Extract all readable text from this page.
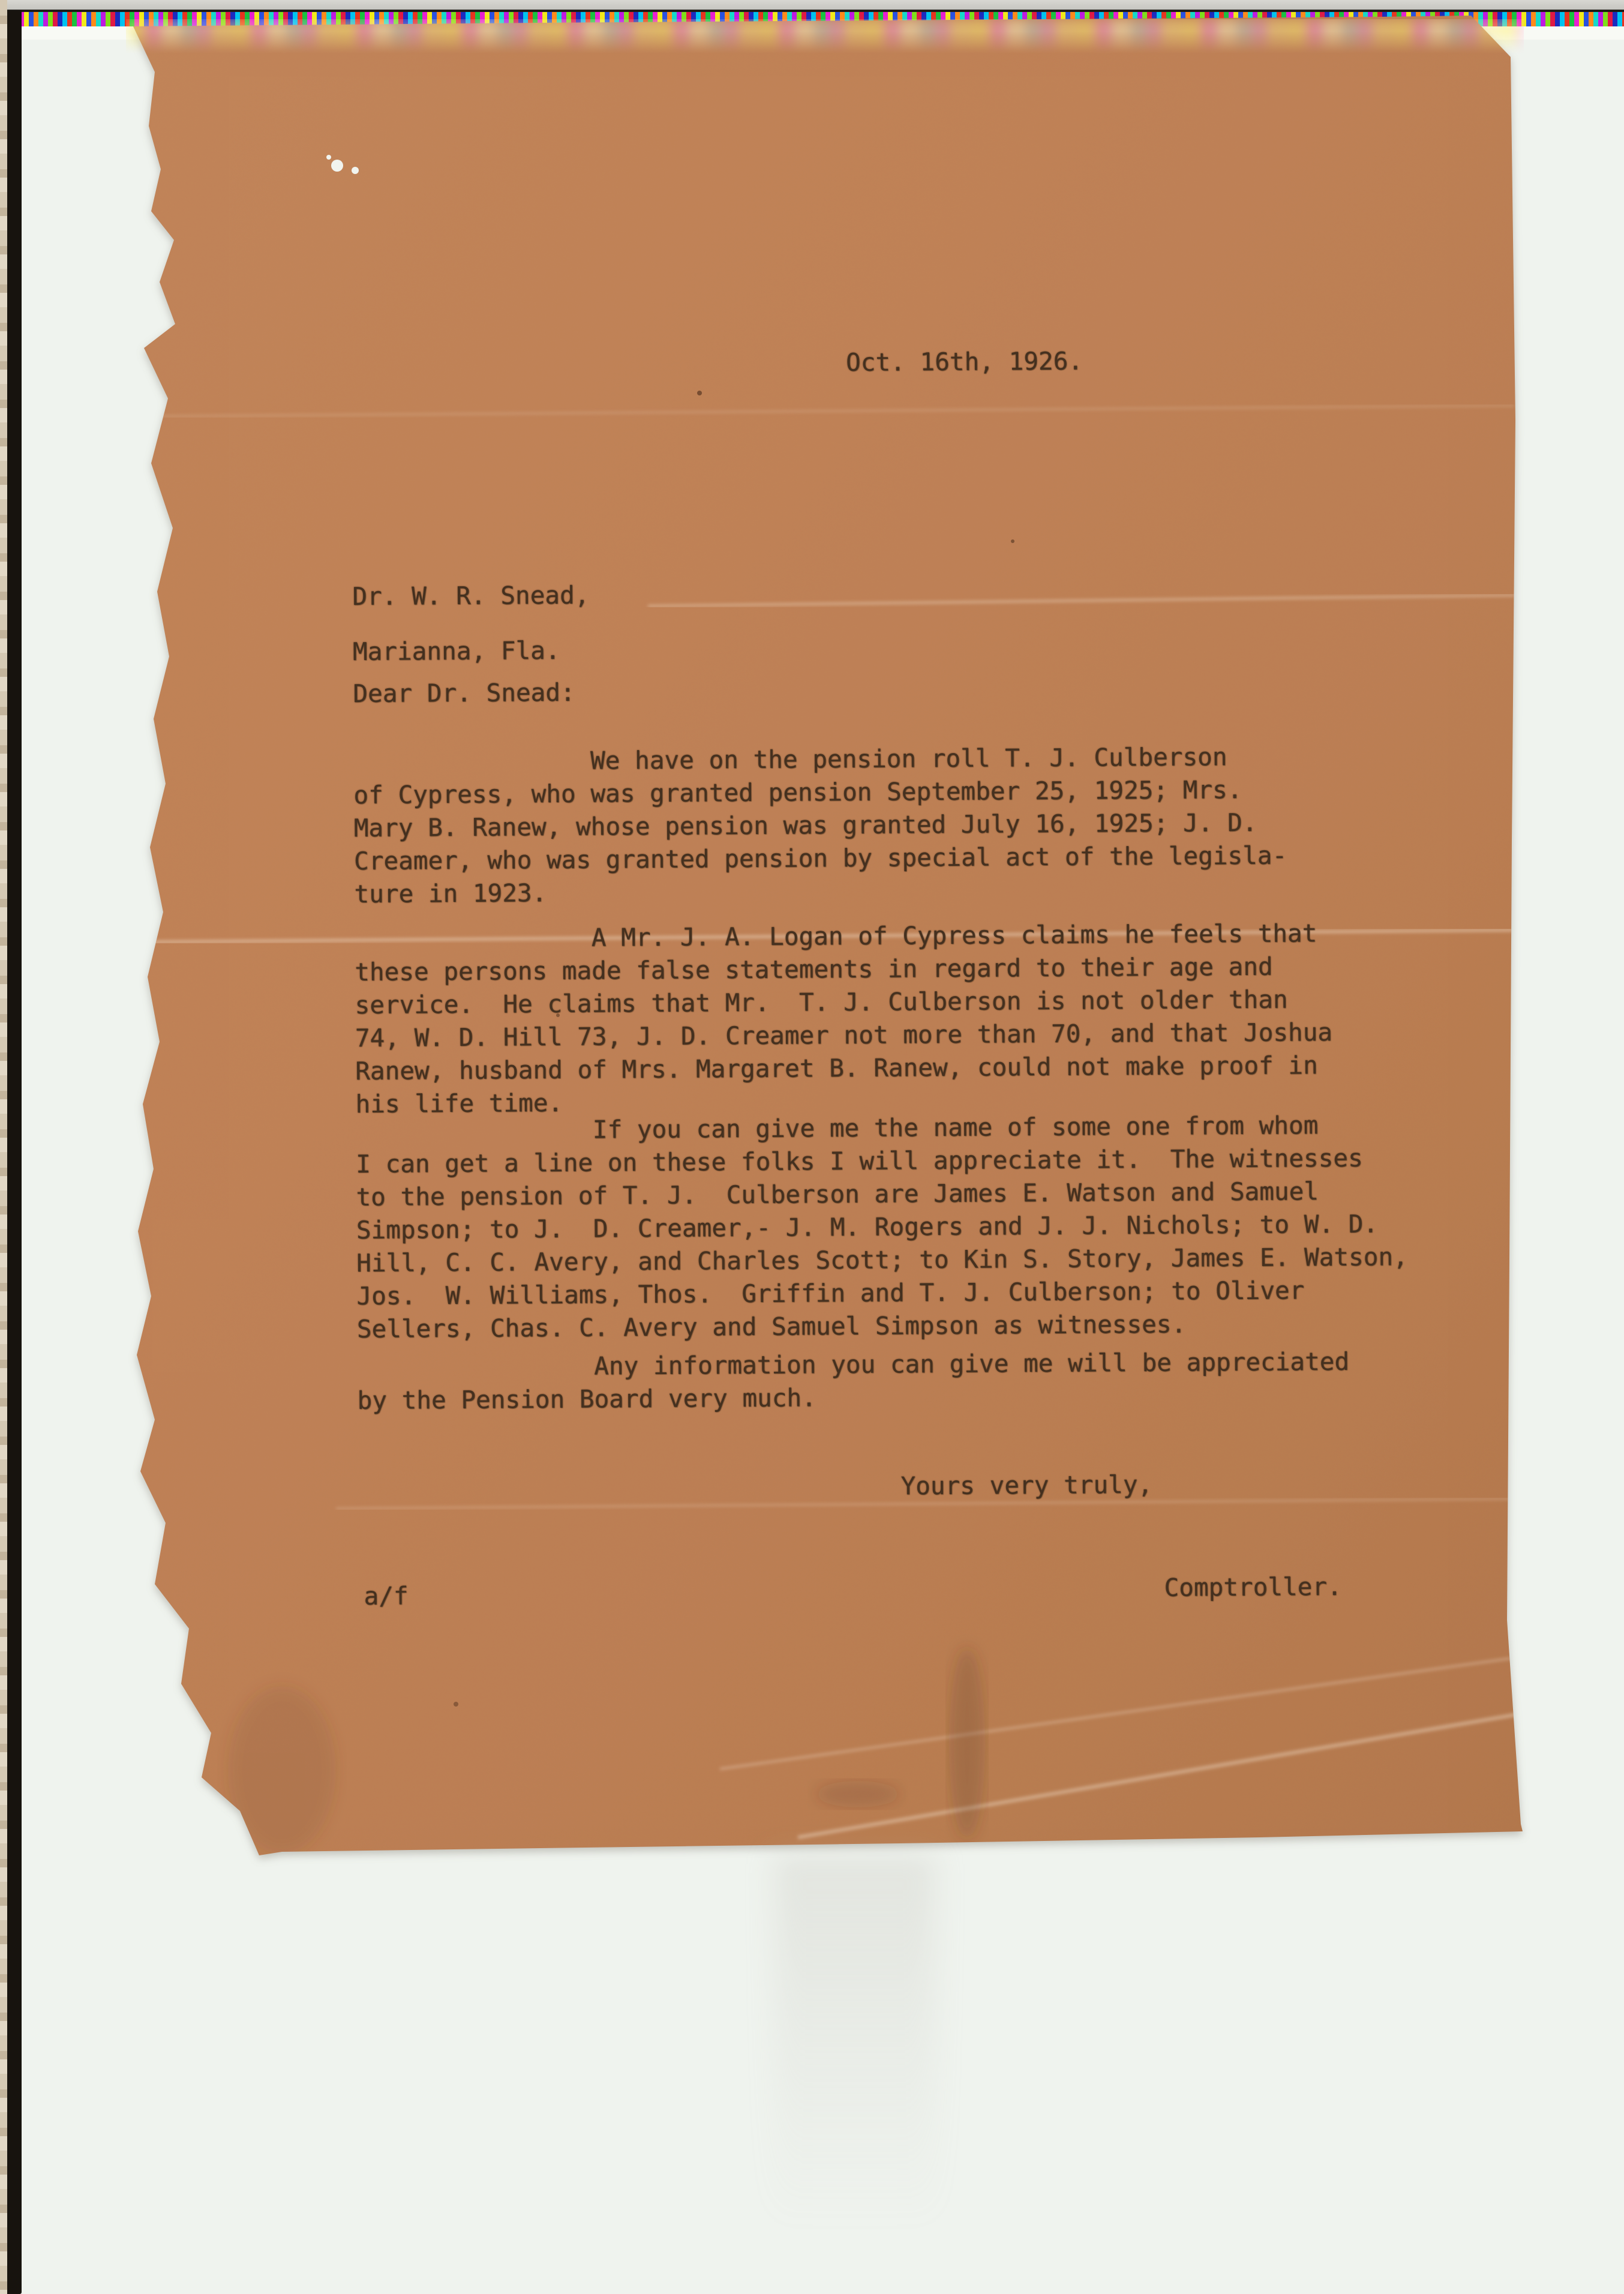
Oct. 16th, 1926.
Dr. W. R. Snead,
Marianna, Fla.
Dear Dr. Snead:
We have on the pension roll T. J. Culberson
of Cypress, who was granted pension September 25, 1925; Mrs.
Mary B. Ranew, whose pension was granted July 16, 1925; J. D.
Creamer, who was granted pension by special act of the legisla-
ture in 1923.
A Mr. J. A. Logan of Cypress claims he feels that
these persons made false statements in regard to their age and
service.  He claims that Mr.  T. J. Culberson is not older than
74, W. D. Hill 73, J. D. Creamer not more than 70, and that Joshua
Ranew, husband of Mrs. Margaret B. Ranew, could not make proof in
his life time.
If you can give me the name of some one from whom
I can get a line on these folks I will appreciate it.  The witnesses
to the pension of T. J.  Culberson are James E. Watson and Samuel
Simpson; to J.  D. Creamer,- J. M. Rogers and J. J. Nichols; to W. D.
Hill, C. C. Avery, and Charles Scott; to Kin S. Story, James E. Watson,
Jos.  W. Williams, Thos.  Griffin and T. J. Culberson; to Oliver
Sellers, Chas. C. Avery and Samuel Simpson as witnesses.
Any information you can give me will be appreciated
by the Pension Board very much.
Yours very truly,
a/f	Comptroller.
